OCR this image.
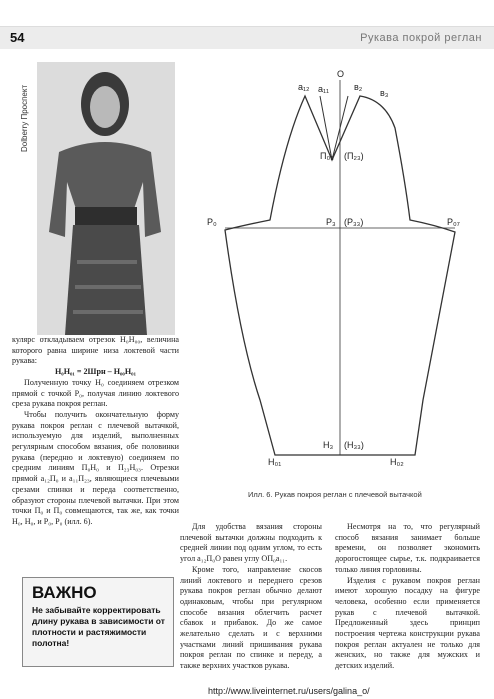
54	Рукава покрой реглан
Dolberry Проспект

кулярс откладываем отрезок Н₀Н₀₀, величина которого равна ширине низа локтевой части рукава:

Н₀Н₀₁ = 2Шрн – Н₀₀Н₀₁

Полученную точку Н₀ соединяем отрезком прямой с точкой Р₀, получая линию локтевого среза рукава покроя реглан.

Чтобы получить окончательную форму рукава покроя реглан с плечевой вытачкой, используемую для изделий, выполненных регулярным способом вязания, обе половинки рукава (передню и локтевую) соединяем по средним линиям П₀Н₀ и П₂₃Н₀₃. Отрезки прямой а₁₂П₀ и а₁₁П₂₃, являющиеся плечевыми срезами спинки и переда соответственно, образуют стороны плечевой вытачки. При этом точки П₀ и П₀ совмещаются, так же, как точки Н₀, Н₀, и Р₀, Р₀ (илл. 6).

ВАЖНО
Не забывайте корректировать длину рукава в зависимости от плотности и растяжимости полотна!
O
a₁₂ a₁₁	в₂
в₃
П₀₃ (П₂₃)
Р₀	Р₃ (Р₃₃)	Р₀₇
Н₃ (Н₃₃)
Н₀₁	Н₀₂
Илл. 6. Рукав покроя реглан с плечевой вытачкой

Для удобства вязания стороны плечевой вытачки должны подходить к средней линии под одним углом, то есть угол а₁₂П₀О равен углу ОП₀а₁₁.

Кроме того, направление скосов линий локтевого и переднего срезов рукава покроя реглан обычно делают одинаковым, чтобы при регулярном способе вязания облегчить расчет сбавок и прибавок. До же самое желательно сделать и с верхними участками линий пришивания рукава покроя реглан по спинке и переду, а также верхних участков рукава.

Несмотря на то, что регулярный способ вязания занимает больше времени, он позволяет экономить дорогостоящее сырье, т.к. подкраивается только линия горловины.

Изделия с рукавом покроя реглан имеют хорошую посадку на фигуре человека, особенно если применяется рукав с плечевой вытачкой. Предложенный здесь принцип построения чертежа конструкции рукава покроя реглан актуален не только для женских, но также для мужских и детских изделий.

http://www.liveinternet.ru/users/galina_o/
